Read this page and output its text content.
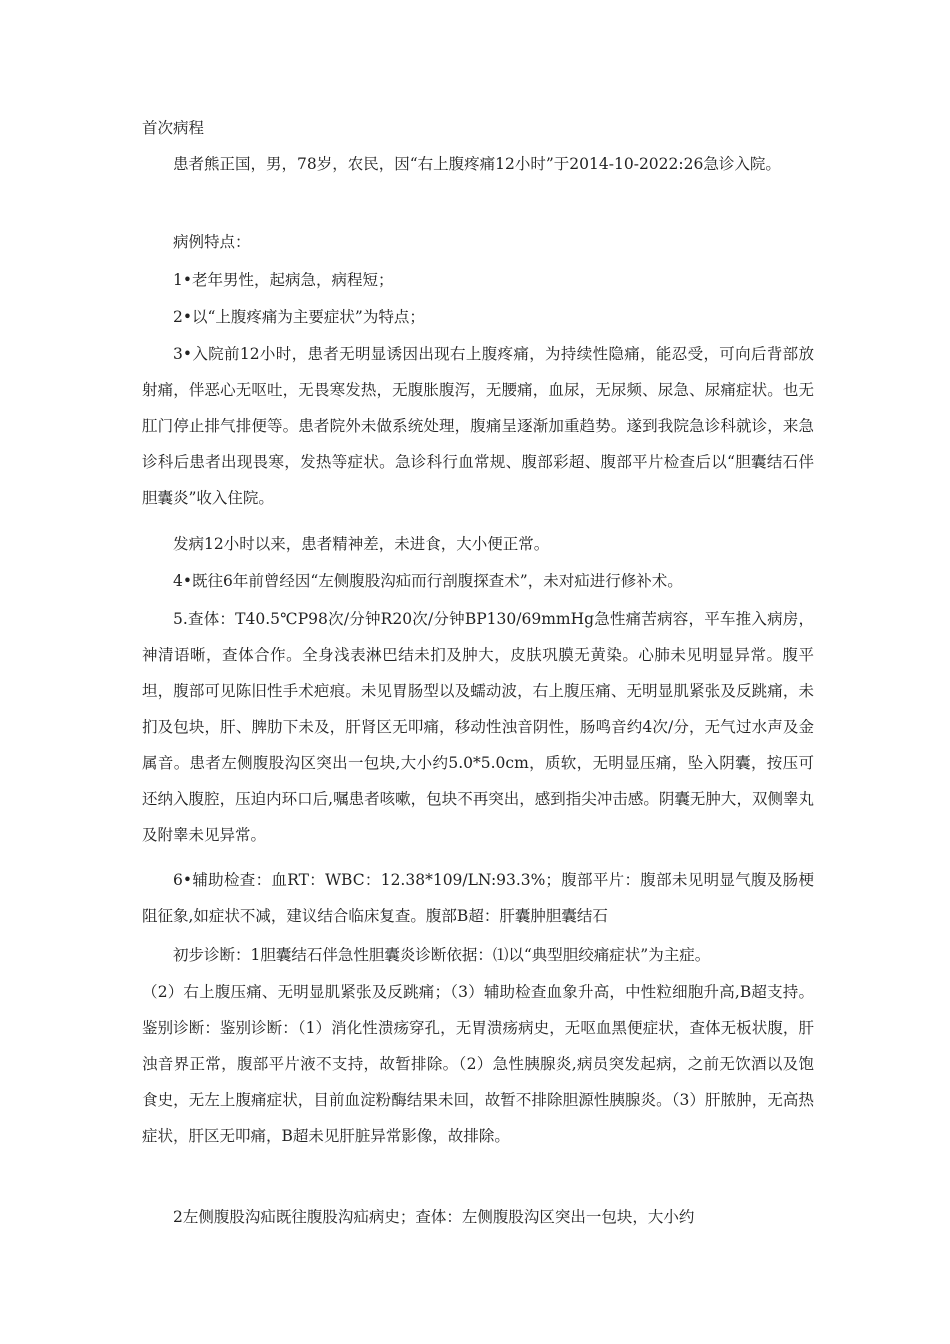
首次病程

患者熊正国，男，78岁，农民，因“右上腹疼痛12小时”于2014-10-2022:26急诊入院。

病例特点：

1•老年男性，起病急，病程短；

2•以“上腹疼痛为主要症状”为特点；

3•入院前12小时，患者无明显诱因出现右上腹疼痛，为持续性隐痛，能忍受，可向后背部放射痛，伴恶心无呕吐，无畏寒发热，无腹胀腹泻，无腰痛，血尿，无尿频、尿急、尿痛症状。也无肛门停止排气排便等。患者院外未做系统处理，腹痛呈逐渐加重趋势。遂到我院急诊科就诊，来急诊科后患者出现畏寒，发热等症状。急诊科行血常规、腹部彩超、腹部平片检查后以“胆囊结石伴胆囊炎”收入住院。

发病12小时以来，患者精神差，未进食，大小便正常。

4•既往6年前曾经因“左侧腹股沟疝而行剖腹探查术”，未对疝进行修补术。

5.查体：T40.5℃P98次/分钟R20次/分钟BP130/69mmHg急性痛苦病容，平车推入病房，神清语晰，查体合作。全身浅表淋巴结未扪及肿大，皮肤巩膜无黄染。心肺未见明显异常。腹平坦，腹部可见陈旧性手术疤痕。未见胃肠型以及蠕动波，右上腹压痛、无明显肌紧张及反跳痛，未扪及包块，肝、脾肋下未及，肝肾区无叩痛，移动性浊音阴性，肠鸣音约4次/分，无气过水声及金属音。患者左侧腹股沟区突出一包块,大小约5.0*5.0cm，质软，无明显压痛，坠入阴囊，按压可还纳入腹腔，压迫内环口后,嘱患者咳嗽，包块不再突出，感到指尖冲击感。阴囊无肿大，双侧睾丸及附睾未见异常。

6•辅助检查：血RT：WBC：12.38*109/LN:93.3%；腹部平片：腹部未见明显气腹及肠梗阻征象,如症状不减，建议结合临床复查。腹部B超：肝囊肿胆囊结石

初步诊断：1胆囊结石伴急性胆囊炎诊断依据：⑴以“典型胆绞痛症状”为主症。

（2）右上腹压痛、无明显肌紧张及反跳痛；（3）辅助检查血象升高，中性粒细胞升高,B超支持。鉴别诊断：鉴别诊断：（1）消化性溃疡穿孔，无胃溃疡病史，无呕血黑便症状，查体无板状腹，肝浊音界正常，腹部平片液不支持，故暂排除。（2）急性胰腺炎,病员突发起病，之前无饮酒以及饱食史，无左上腹痛症状，目前血淀粉酶结果未回，故暂不排除胆源性胰腺炎。（3）肝脓肿，无高热症状，肝区无叩痛，B超未见肝脏异常影像，故排除。

2左侧腹股沟疝既往腹股沟疝病史；查体：左侧腹股沟区突出一包块，大小约
